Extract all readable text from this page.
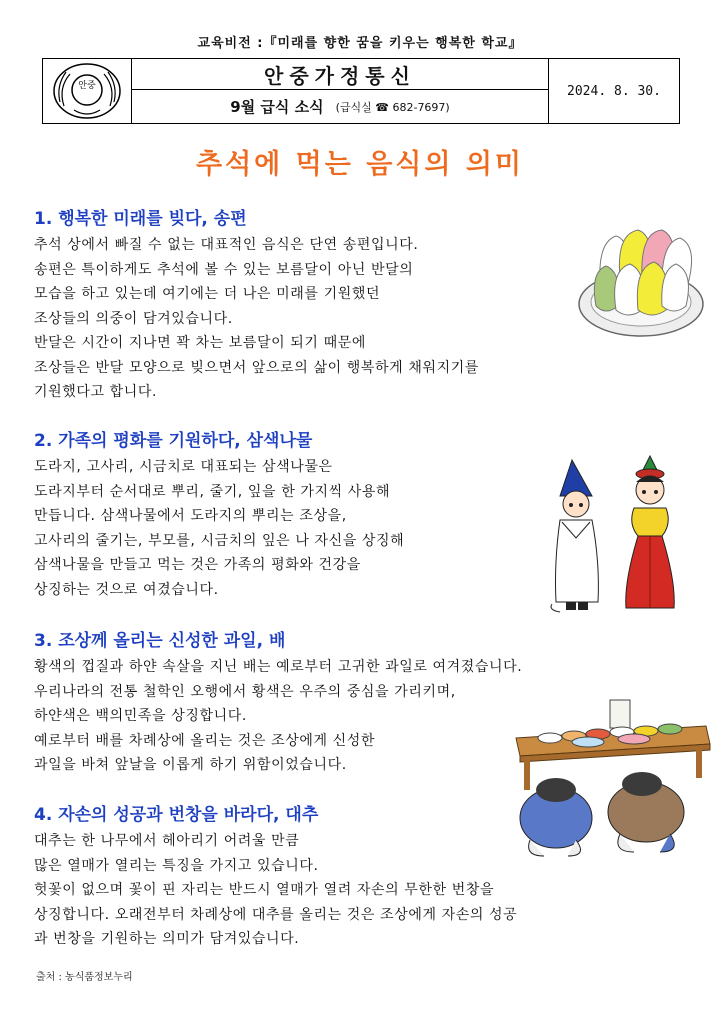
교육비전 :『미래를 향한 꿈을 키우는 행복한 학교』
안중	안중가정통신
9월 급식 소식 (급식실 ☎ 682-7697)
2024. 8. 30.
추석에 먹는 음식의 의미
1. 행복한 미래를 빚다, 송편
추석 상에서 빠질 수 없는 대표적인 음식은 단연 송편입니다.
송편은 특이하게도 추석에 볼 수 있는 보름달이 아닌 반달의
모습을 하고 있는데 여기에는 더 나은 미래를 기원했던
조상들의 의중이 담겨있습니다.
반달은 시간이 지나면 꽉 차는 보름달이 되기 때문에
조상들은 반달 모양으로 빚으면서 앞으로의 삶이 행복하게 채워지기를
기원했다고 합니다.
2. 가족의 평화를 기원하다, 삼색나물
도라지, 고사리, 시금치로 대표되는 삼색나물은
도라지부터 순서대로 뿌리, 줄기, 잎을 한 가지씩 사용해
만듭니다. 삼색나물에서 도라지의 뿌리는 조상을,
고사리의 줄기는, 부모를, 시금치의 잎은 나 자신을 상징해
삼색나물을 만들고 먹는 것은 가족의 평화와 건강을
상징하는 것으로 여겼습니다.
3. 조상께 올리는 신성한 과일, 배
황색의 껍질과 하얀 속살을 지닌 배는 예로부터 고귀한 과일로 여겨졌습니다.
우리나라의 전통 철학인 오행에서 황색은 우주의 중심을 가리키며,
하얀색은 백의민족을 상징합니다.
예로부터 배를 차례상에 올리는 것은 조상에게 신성한
과일을 바쳐 앞날을 이롭게 하기 위함이었습니다.
4. 자손의 성공과 번창을 바라다, 대추
대추는 한 나무에서 헤아리기 어려울 만큼
많은 열매가 열리는 특징을 가지고 있습니다.
헛꽃이 없으며 꽃이 핀 자리는 반드시 열매가 열려 자손의 무한한 번창을
상징합니다. 오래전부터 차례상에 대추를 올리는 것은 조상에게 자손의 성공
과 번창을 기원하는 의미가 담겨있습니다.
출처 : 농식품정보누리
